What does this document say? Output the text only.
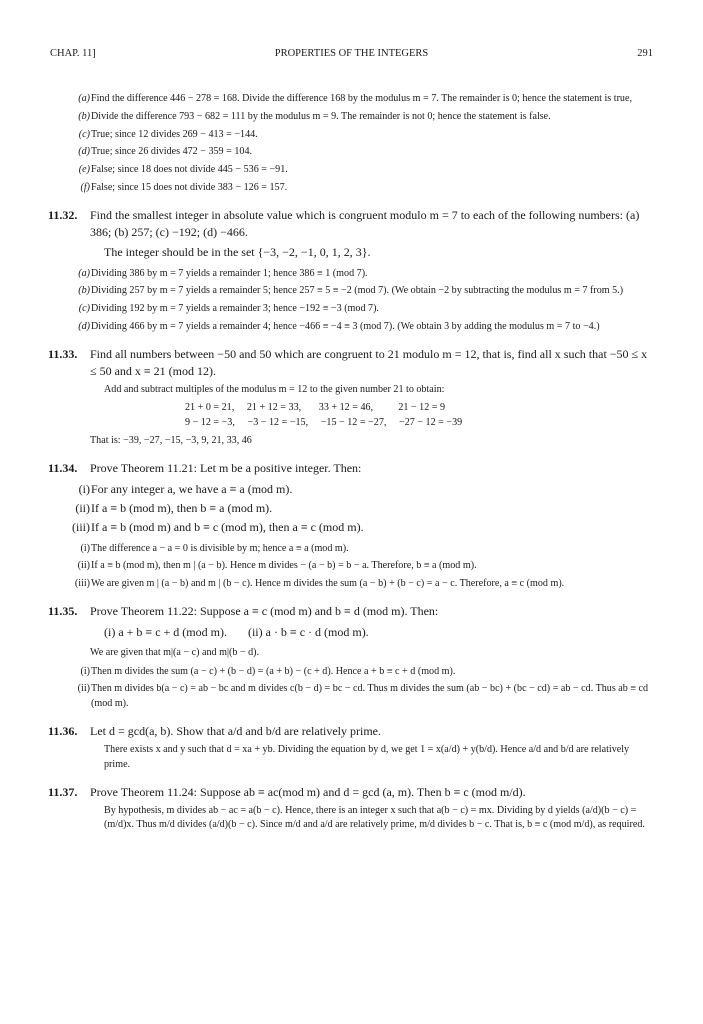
CHAP. 11]	PROPERTIES OF THE INTEGERS	291
(a) Find the difference 446 − 278 = 168. Divide the difference 168 by the modulus m = 7. The remainder is 0; hence the statement is true,
(b) Divide the difference 793 − 682 = 111 by the modulus m = 9. The remainder is not 0; hence the statement is false.
(c) True; since 12 divides 269 − 413 = −144.
(d) True; since 26 divides 472 − 359 = 104.
(e) False; since 18 does not divide 445 − 536 = −91.
(f) False; since 15 does not divide 383 − 126 = 157.
11.32. Find the smallest integer in absolute value which is congruent modulo m = 7 to each of the following numbers: (a) 386; (b) 257; (c) −192; (d) −466.
The integer should be in the set {−3, −2, −1, 0, 1, 2, 3}.
(a) Dividing 386 by m = 7 yields a remainder 1; hence 386 ≡ 1 (mod 7).
(b) Dividing 257 by m = 7 yields a remainder 5; hence 257 ≡ 5 ≡ −2 (mod 7). (We obtain −2 by subtracting the modulus m = 7 from 5.)
(c) Dividing 192 by m = 7 yields a remainder 3; hence −192 ≡ −3 (mod 7).
(d) Dividing 466 by m = 7 yields a remainder 4; hence −466 ≡ −4 ≡ 3 (mod 7). (We obtain 3 by adding the modulus m = 7 to −4.)
11.33. Find all numbers between −50 and 50 which are congruent to 21 modulo m = 12, that is, find all x such that −50 ≤ x ≤ 50 and x ≡ 21 (mod 12).
Add and subtract multiples of the modulus m = 12 to the given number 21 to obtain:
21 + 0 = 21,     21 + 12 = 33,       33 + 12 = 46,          21 − 12 = 9
9 − 12 = −3,     −3 − 12 = −15,     −15 − 12 = −27,     −27 − 12 = −39
That is: −39, −27, −15, −3, 9, 21, 33, 46
11.34. Prove Theorem 11.21: Let m be a positive integer. Then:
(i) For any integer a, we have a ≡ a (mod m).
(ii) If a ≡ b (mod m), then b ≡ a (mod m).
(iii) If a ≡ b (mod m) and b ≡ c (mod m), then a ≡ c (mod m).
(i) The difference a − a = 0 is divisible by m; hence a ≡ a (mod m).
(ii) If a ≡ b (mod m), then m | (a − b). Hence m divides − (a − b) = b − a. Therefore, b ≡ a (mod m).
(iii) We are given m | (a − b) and m | (b − c). Hence m divides the sum (a − b) + (b − c) = a − c. Therefore, a ≡ c (mod m).
11.35. Prove Theorem 11.22: Suppose a ≡ c (mod m) and b ≡ d (mod m). Then:
(i) a + b ≡ c + d (mod m). (ii) a · b ≡ c · d (mod m).
We are given that m|(a − c) and m|(b − d).
(i) Then m divides the sum (a − c) + (b − d) = (a + b) − (c + d). Hence a + b ≡ c + d (mod m).
(ii) Then m divides b(a − c) = ab − bc and m divides c(b − d) = bc − cd. Thus m divides the sum (ab − bc) + (bc − cd) = ab − cd. Thus ab ≡ cd (mod m).
11.36. Let d = gcd(a, b). Show that a/d and b/d are relatively prime.
There exists x and y such that d = xa + yb. Dividing the equation by d, we get 1 = x(a/d) + y(b/d). Hence a/d and b/d are relatively prime.
11.37. Prove Theorem 11.24: Suppose ab ≡ ac(mod m) and d = gcd (a, m). Then b ≡ c (mod m/d).
By hypothesis, m divides ab − ac = a(b − c). Hence, there is an integer x such that a(b − c) = mx. Dividing by d yields (a/d)(b − c) = (m/d)x. Thus m/d divides (a/d)(b − c). Since m/d and a/d are relatively prime, m/d divides b − c. That is, b ≡ c (mod m/d), as required.
